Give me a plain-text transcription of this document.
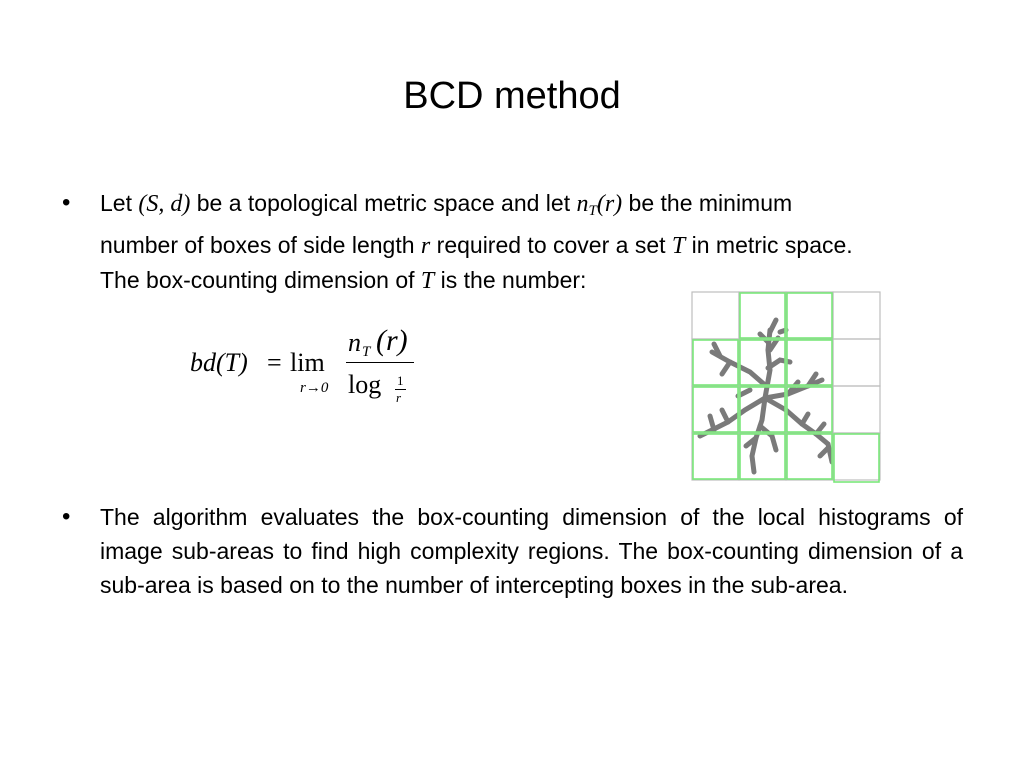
BCD method
• Let (S, d) be a topological metric space and let $n_T(r)$ be the minimum
number of boxes of side length r required to cover a set T in metric space.
The box-counting dimension of T is the number:
bd(T) = lim
r→0
n T (r)
log 1
r
• The algorithm evaluates the box-counting dimension of the local histograms of image sub-areas to find high complexity regions. The box-counting dimension of a sub-area is based on to the number of intercepting boxes in the sub-area.
